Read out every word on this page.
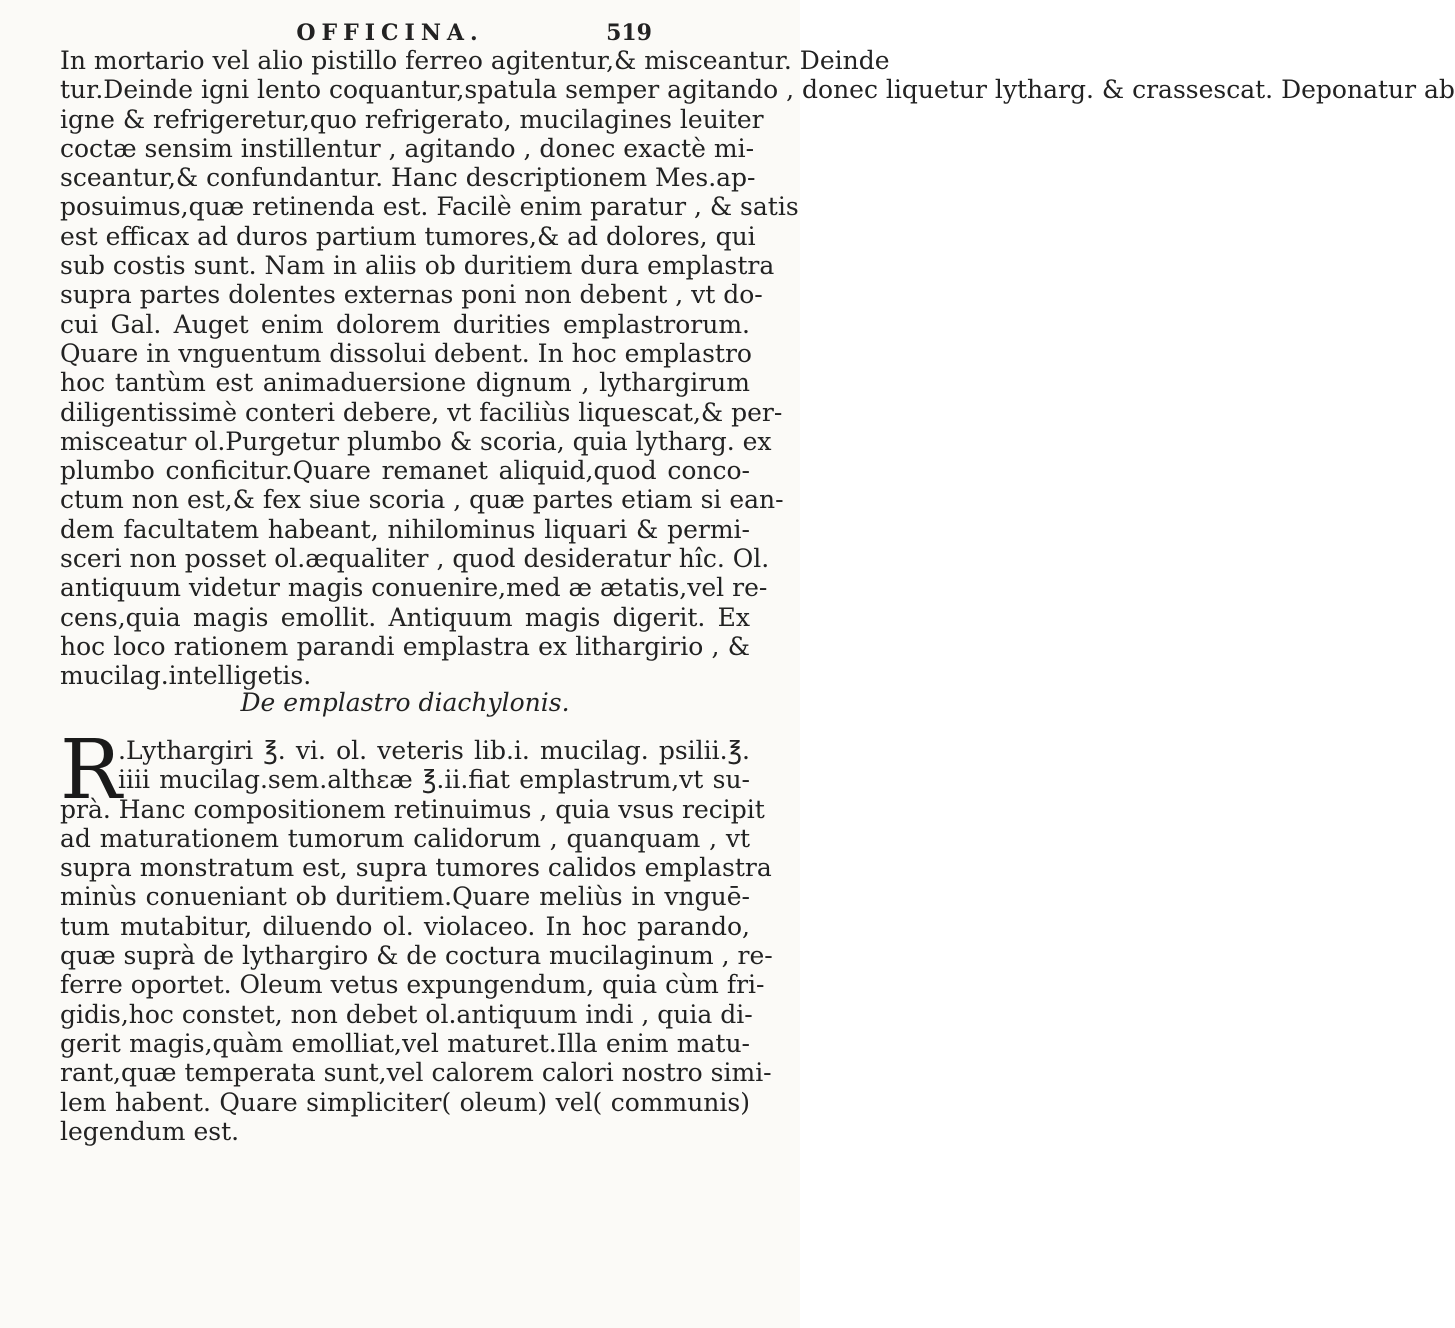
OFFICINA.	519
In mortario vel alio pistillo ferreo agitentur,& misceantur. Deinde
tur.Deinde igni lento coquantur,spatula semper agitando , donec liquetur lytharg. & crassescat. Deponatur ab
igne & refrigeretur,quo refrigerato, mucilagines leuiter
coctæ sensim instillentur , agitando , donec exactè mi-
sceantur,& confundantur. Hanc descriptionem Mes.ap-
posuimus,quæ retinenda est. Facilè enim paratur , & satis
est efficax ad duros partium tumores,& ad dolores, qui
sub costis sunt. Nam in aliis ob duritiem dura emplastra
supra partes dolentes externas poni non debent , vt do-
cui Gal. Auget enim dolorem durities emplastrorum.
Quare in vnguentum dissolui debent. In hoc emplastro
hoc tantùm est animaduersione dignum , lythargirum
diligentissimè conteri debere, vt faciliùs liquescat,& per-
misceatur ol.Purgetur plumbo & scoria, quia lytharg. ex
plumbo conficitur.Quare remanet aliquid,quod conco-
ctum non est,& fex siue scoria , quæ partes etiam si ean-
dem facultatem habeant, nihilominus liquari & permi-
sceri non posset ol.æqualiter , quod desideratur hîc. Ol.
antiquum videtur magis conuenire,med æ ætatis,vel re-
cens,quia magis emollit. Antiquum magis digerit. Ex
hoc loco rationem parandi emplastra ex lithargirio , &
mucilag.intelligetis.
De emplastro diachylonis.
R
.Lythargiri ℥. vi. ol. veteris lib.i. mucilag. psilii.℥.
iiii mucilag.sem.althεæ ℥.ii.fiat emplastrum,vt su-
prà. Hanc compositionem retinuimus , quia vsus recipit
ad maturationem tumorum calidorum , quanquam , vt
supra monstratum est, supra tumores calidos emplastra
minùs conueniant ob duritiem.Quare meliùs in vnguē-
tum mutabitur, diluendo ol. violaceo. In hoc parando,
quæ suprà de lythargiro & de coctura mucilaginum , re-
ferre oportet. Oleum vetus expungendum, quia cùm fri-
gidis,hoc constet, non debet ol.antiquum indi , quia di-
gerit magis,quàm emolliat,vel maturet.Illa enim matu-
rant,quæ temperata sunt,vel calorem calori nostro simi-
lem habent. Quare simpliciter( oleum) vel( communis)
legendum est.
